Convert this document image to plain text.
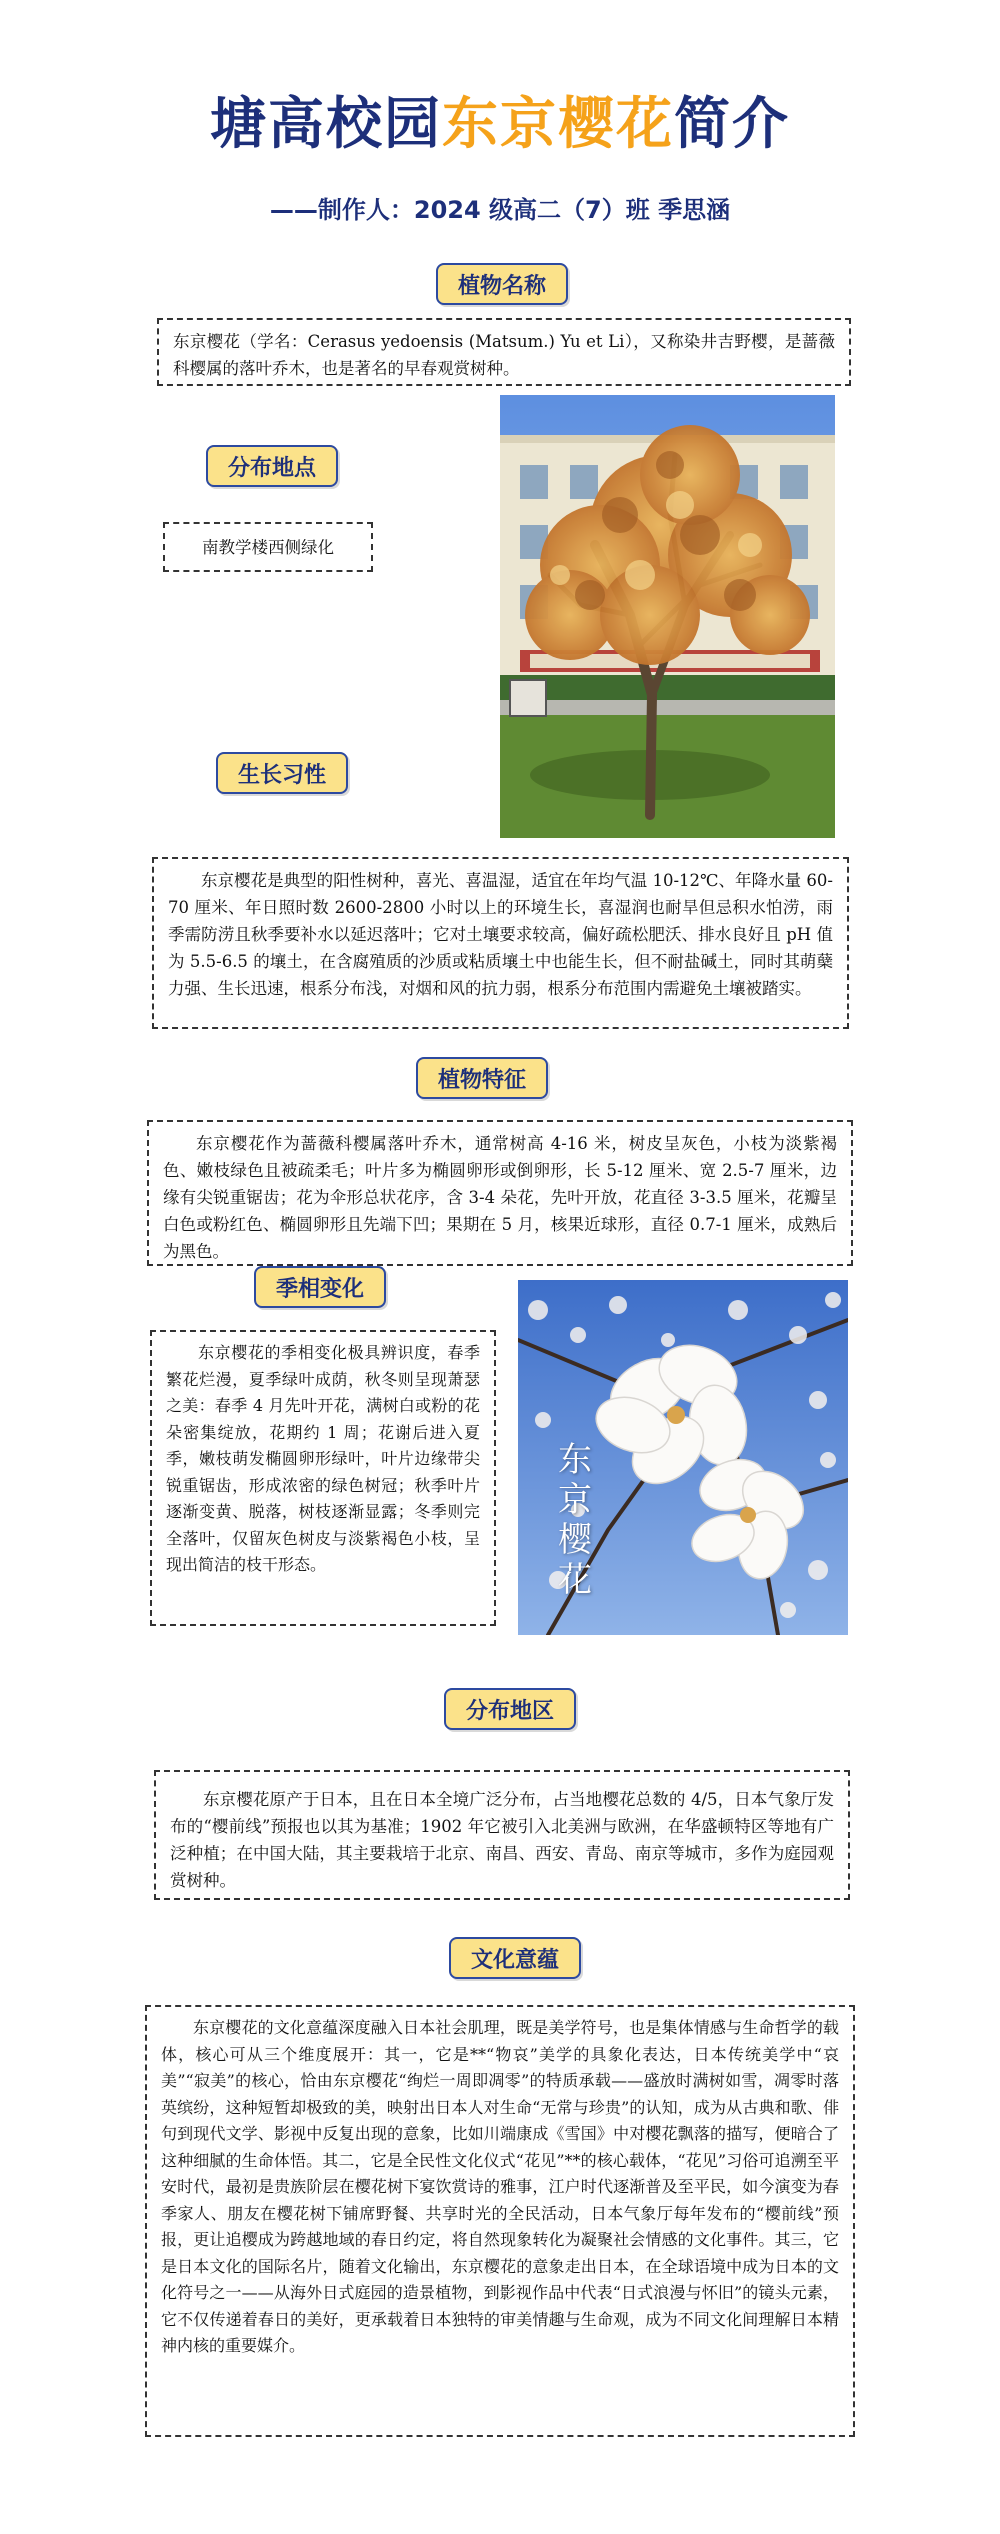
塘高校园东京樱花简介
——制作人：2024 级高二（7）班 季思涵
植物名称
东京樱花（学名：Cerasus yedoensis (Matsum.) Yu et Li），又称染井吉野樱，是蔷薇科樱属的落叶乔木，也是著名的早春观赏树种。
分布地点
南教学楼西侧绿化
生长习性
东京樱花是典型的阳性树种，喜光、喜温湿，适宜在年均气温 10-12℃、年降水量 60-70 厘米、年日照时数 2600-2800 小时以上的环境生长，喜湿润也耐旱但忌积水怕涝，雨季需防涝且秋季要补水以延迟落叶；它对土壤要求较高，偏好疏松肥沃、排水良好且 pH 值为 5.5-6.5 的壤土，在含腐殖质的沙质或粘质壤土中也能生长，但不耐盐碱土，同时其萌蘖力强、生长迅速，根系分布浅，对烟和风的抗力弱，根系分布范围内需避免土壤被踏实。
植物特征
东京樱花作为蔷薇科樱属落叶乔木，通常树高 4-16 米，树皮呈灰色，小枝为淡紫褐色、嫩枝绿色且被疏柔毛；叶片多为椭圆卵形或倒卵形，长 5-12 厘米、宽 2.5-7 厘米，边缘有尖锐重锯齿；花为伞形总状花序，含 3-4 朵花，先叶开放，花直径 3-3.5 厘米，花瓣呈白色或粉红色、椭圆卵形且先端下凹；果期在 5 月，核果近球形，直径 0.7-1 厘米，成熟后为黑色。
季相变化
东京樱花的季相变化极具辨识度，春季繁花烂漫，夏季绿叶成荫，秋冬则呈现萧瑟之美：春季 4 月先叶开花，满树白或粉的花朵密集绽放，花期约 1 周；花谢后进入夏季，嫩枝萌发椭圆卵形绿叶，叶片边缘带尖锐重锯齿，形成浓密的绿色树冠；秋季叶片逐渐变黄、脱落，树枝逐渐显露；冬季则完全落叶，仅留灰色树皮与淡紫褐色小枝，呈现出简洁的枝干形态。
东京樱花
分布地区
东京樱花原产于日本，且在日本全境广泛分布，占当地樱花总数的 4/5，日本气象厅发布的“樱前线”预报也以其为基准；1902 年它被引入北美洲与欧洲，在华盛顿特区等地有广泛种植；在中国大陆，其主要栽培于北京、南昌、西安、青岛、南京等城市，多作为庭园观赏树种。
文化意蕴
东京樱花的文化意蕴深度融入日本社会肌理，既是美学符号，也是集体情感与生命哲学的载体，核心可从三个维度展开：其一，它是**“物哀”美学的具象化表达，日本传统美学中“哀美”“寂美”的核心，恰由东京樱花“绚烂一周即凋零”的特质承载——盛放时满树如雪，凋零时落英缤纷，这种短暂却极致的美，映射出日本人对生命“无常与珍贵”的认知，成为从古典和歌、俳句到现代文学、影视中反复出现的意象，比如川端康成《雪国》中对樱花飘落的描写，便暗合了这种细腻的生命体悟。其二，它是全民性文化仪式“花见”**的核心载体，“花见”习俗可追溯至平安时代，最初是贵族阶层在樱花树下宴饮赏诗的雅事，江户时代逐渐普及至平民，如今演变为春季家人、朋友在樱花树下铺席野餐、共享时光的全民活动，日本气象厅每年发布的“樱前线”预报，更让追樱成为跨越地域的春日约定，将自然现象转化为凝聚社会情感的文化事件。其三，它是日本文化的国际名片，随着文化输出，东京樱花的意象走出日本，在全球语境中成为日本的文化符号之一——从海外日式庭园的造景植物，到影视作品中代表“日式浪漫与怀旧”的镜头元素，它不仅传递着春日的美好，更承载着日本独特的审美情趣与生命观，成为不同文化间理解日本精神内核的重要媒介。
